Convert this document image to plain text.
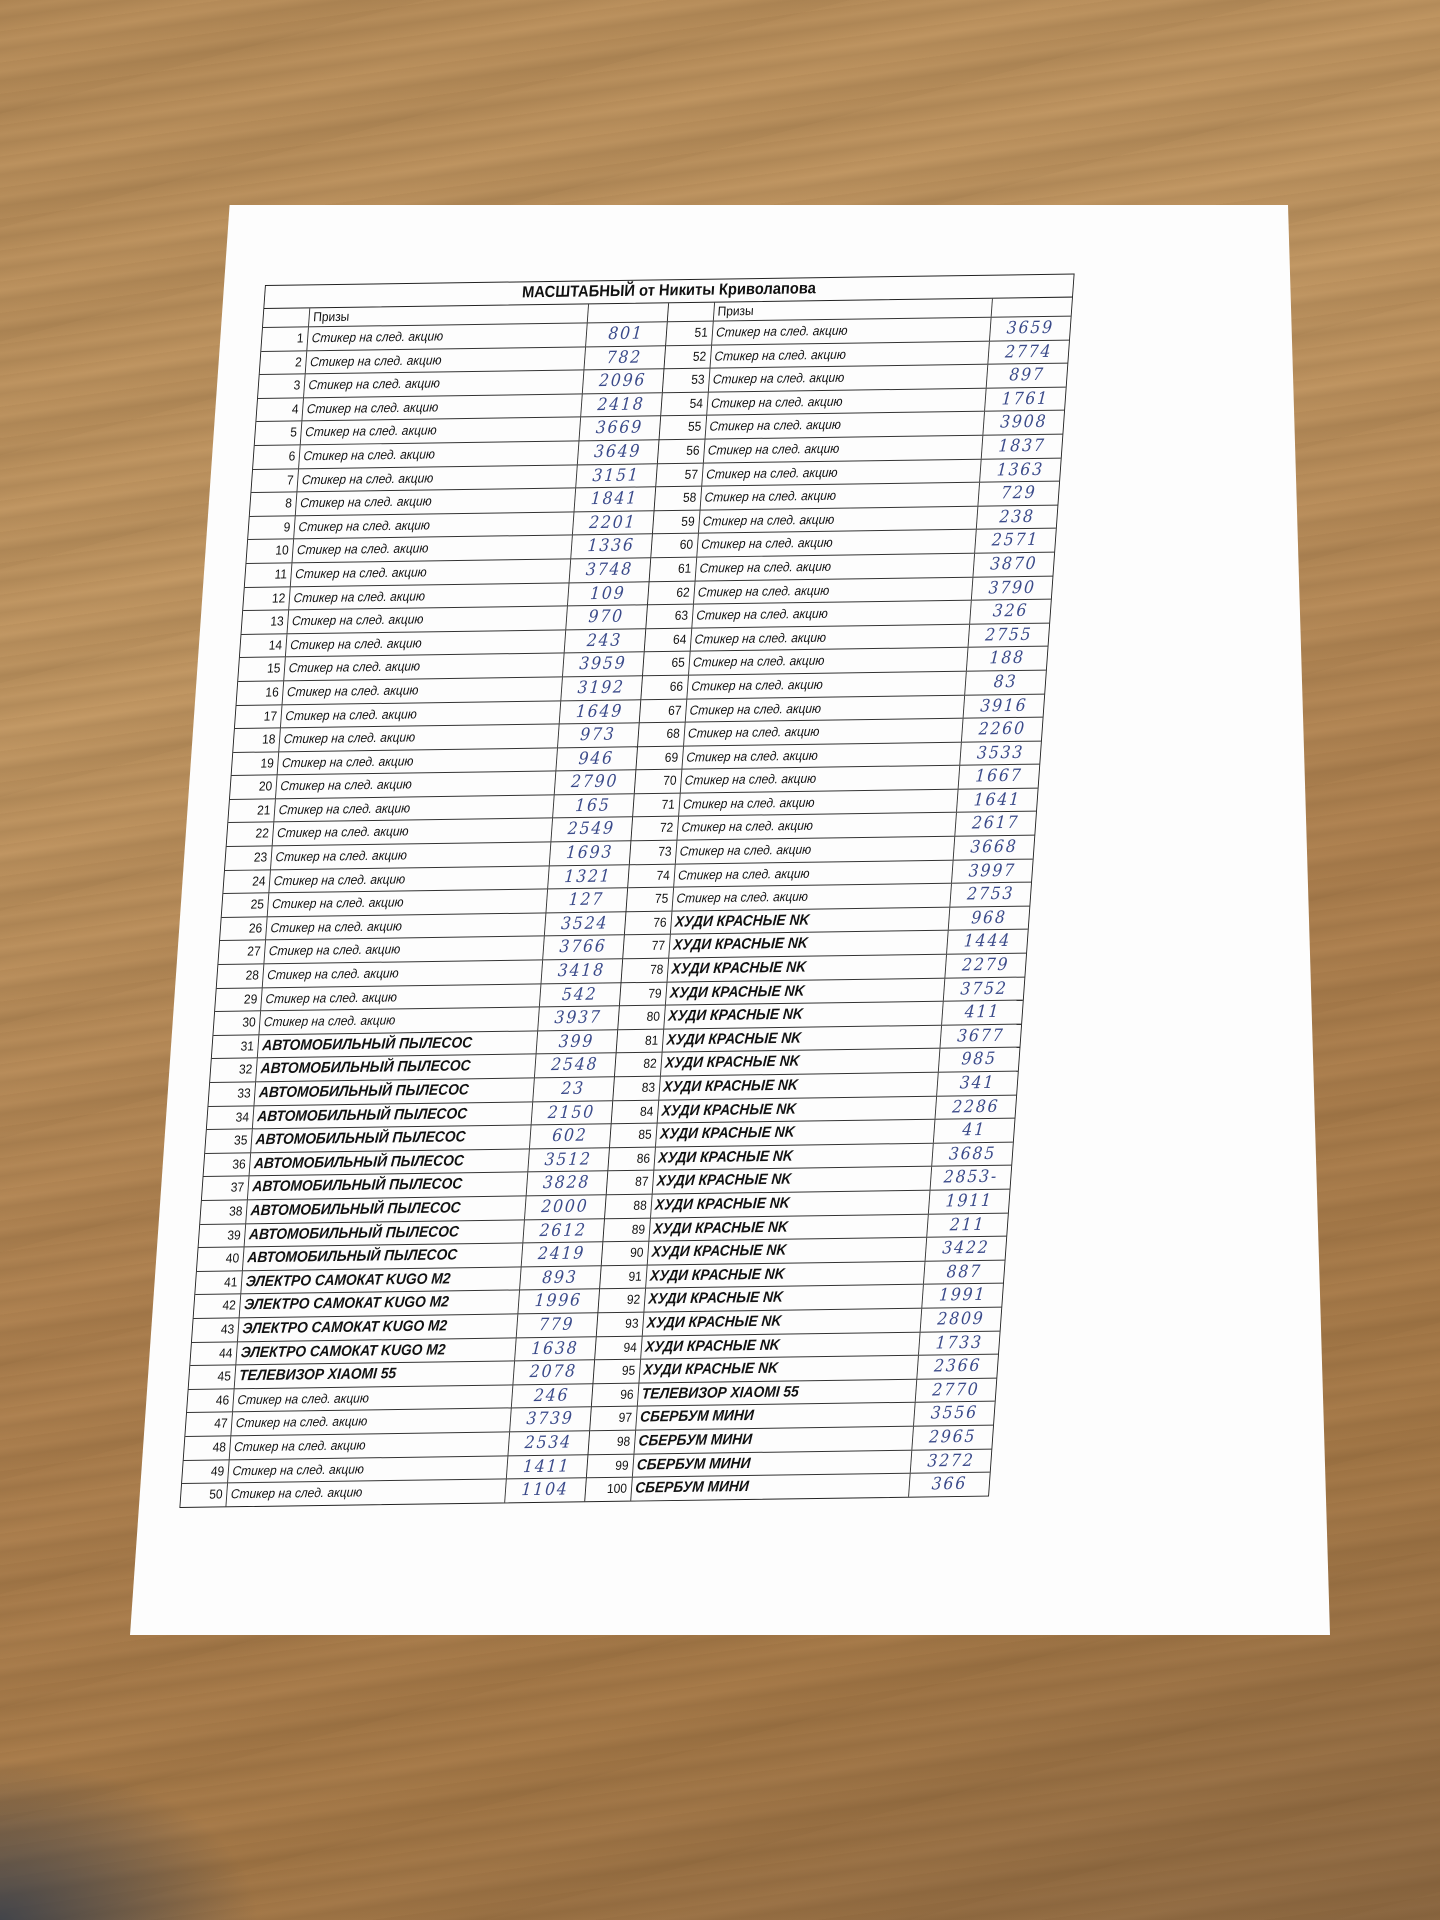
МАСШТАБНЫЙ от Никиты Криволапова
Призы
1 Стикер на след. акцию	801
2 Стикер на след. акцию	782
3 Стикер на след. акцию	2096
4 Стикер на след. акцию	2418
5 Стикер на след. акцию	3669
6 Стикер на след. акцию	3649
7 Стикер на след. акцию	3151
8 Стикер на след. акцию	1841
9 Стикер на след. акцию	2201
10 Стикер на след. акцию	1336
11 Стикер на след. акцию	3748
12 Стикер на след. акцию	109
13 Стикер на след. акцию	970
14 Стикер на след. акцию	243
15 Стикер на след. акцию	3959
16 Стикер на след. акцию	3192
17 Стикер на след. акцию	1649
18 Стикер на след. акцию	973
19 Стикер на след. акцию	946
20 Стикер на след. акцию	2790
21 Стикер на след. акцию	165
22 Стикер на след. акцию	2549
23 Стикер на след. акцию	1693
24 Стикер на след. акцию	1321
25 Стикер на след. акцию	127
26 Стикер на след. акцию	3524
27 Стикер на след. акцию	3766
28 Стикер на след. акцию	3418
29 Стикер на след. акцию	542
30 Стикер на след. акцию	3937
31 АВТОМОБИЛЬНЫЙ ПЫЛЕСОС	399
32 АВТОМОБИЛЬНЫЙ ПЫЛЕСОС	2548
33 АВТОМОБИЛЬНЫЙ ПЫЛЕСОС	23
34 АВТОМОБИЛЬНЫЙ ПЫЛЕСОС	2150
35 АВТОМОБИЛЬНЫЙ ПЫЛЕСОС	602
36 АВТОМОБИЛЬНЫЙ ПЫЛЕСОС	3512
37 АВТОМОБИЛЬНЫЙ ПЫЛЕСОС	3828
38 АВТОМОБИЛЬНЫЙ ПЫЛЕСОС	2000
39 АВТОМОБИЛЬНЫЙ ПЫЛЕСОС	2612
40 АВТОМОБИЛЬНЫЙ ПЫЛЕСОС	2419
41 ЭЛЕКТРО САМОКАТ KUGO M2	893
42 ЭЛЕКТРО САМОКАТ KUGO M2	1996
43 ЭЛЕКТРО САМОКАТ KUGO M2	779
44 ЭЛЕКТРО САМОКАТ KUGO M2	1638
45 ТЕЛЕВИЗОР XIAOMI 55	2078
46 Стикер на след. акцию	246
47 Стикер на след. акцию	3739
48 Стикер на след. акцию	2534
49 Стикер на след. акцию	1411
50 Стикер на след. акцию	1104
Призы
51 Стикер на след. акцию	3659
52 Стикер на след. акцию	2774
53 Стикер на след. акцию	897
54 Стикер на след. акцию	1761
55 Стикер на след. акцию	3908
56 Стикер на след. акцию	1837
57 Стикер на след. акцию	1363
58 Стикер на след. акцию	729
59 Стикер на след. акцию	238
60 Стикер на след. акцию	2571
61 Стикер на след. акцию	3870
62 Стикер на след. акцию	3790
63 Стикер на след. акцию	326
64 Стикер на след. акцию	2755
65 Стикер на след. акцию	188
66 Стикер на след. акцию	83
67 Стикер на след. акцию	3916
68 Стикер на след. акцию	2260
69 Стикер на след. акцию	3533
70 Стикер на след. акцию	1667
71 Стикер на след. акцию	1641
72 Стикер на след. акцию	2617
73 Стикер на след. акцию	3668
74 Стикер на след. акцию	3997
75 Стикер на след. акцию	2753
76 ХУДИ КРАСНЫЕ NK	968
77 ХУДИ КРАСНЫЕ NK	1444
78 ХУДИ КРАСНЫЕ NK	2279
79 ХУДИ КРАСНЫЕ NK	3752
80 ХУДИ КРАСНЫЕ NK	411
81 ХУДИ КРАСНЫЕ NK	3677
82 ХУДИ КРАСНЫЕ NK	985
83 ХУДИ КРАСНЫЕ NK	341
84 ХУДИ КРАСНЫЕ NK	2286
85 ХУДИ КРАСНЫЕ NK	41
86 ХУДИ КРАСНЫЕ NK	3685
87 ХУДИ КРАСНЫЕ NK	2853-
88 ХУДИ КРАСНЫЕ NK	1911
89 ХУДИ КРАСНЫЕ NK	211
90 ХУДИ КРАСНЫЕ NK	3422
91 ХУДИ КРАСНЫЕ NK	887
92 ХУДИ КРАСНЫЕ NK	1991
93 ХУДИ КРАСНЫЕ NK	2809
94 ХУДИ КРАСНЫЕ NK	1733
95 ХУДИ КРАСНЫЕ NK	2366
96 ТЕЛЕВИЗОР XIAOMI 55	2770
97 СБЕРБУМ МИНИ	3556
98 СБЕРБУМ МИНИ	2965
99 СБЕРБУМ МИНИ	3272
100 СБЕРБУМ МИНИ	366
